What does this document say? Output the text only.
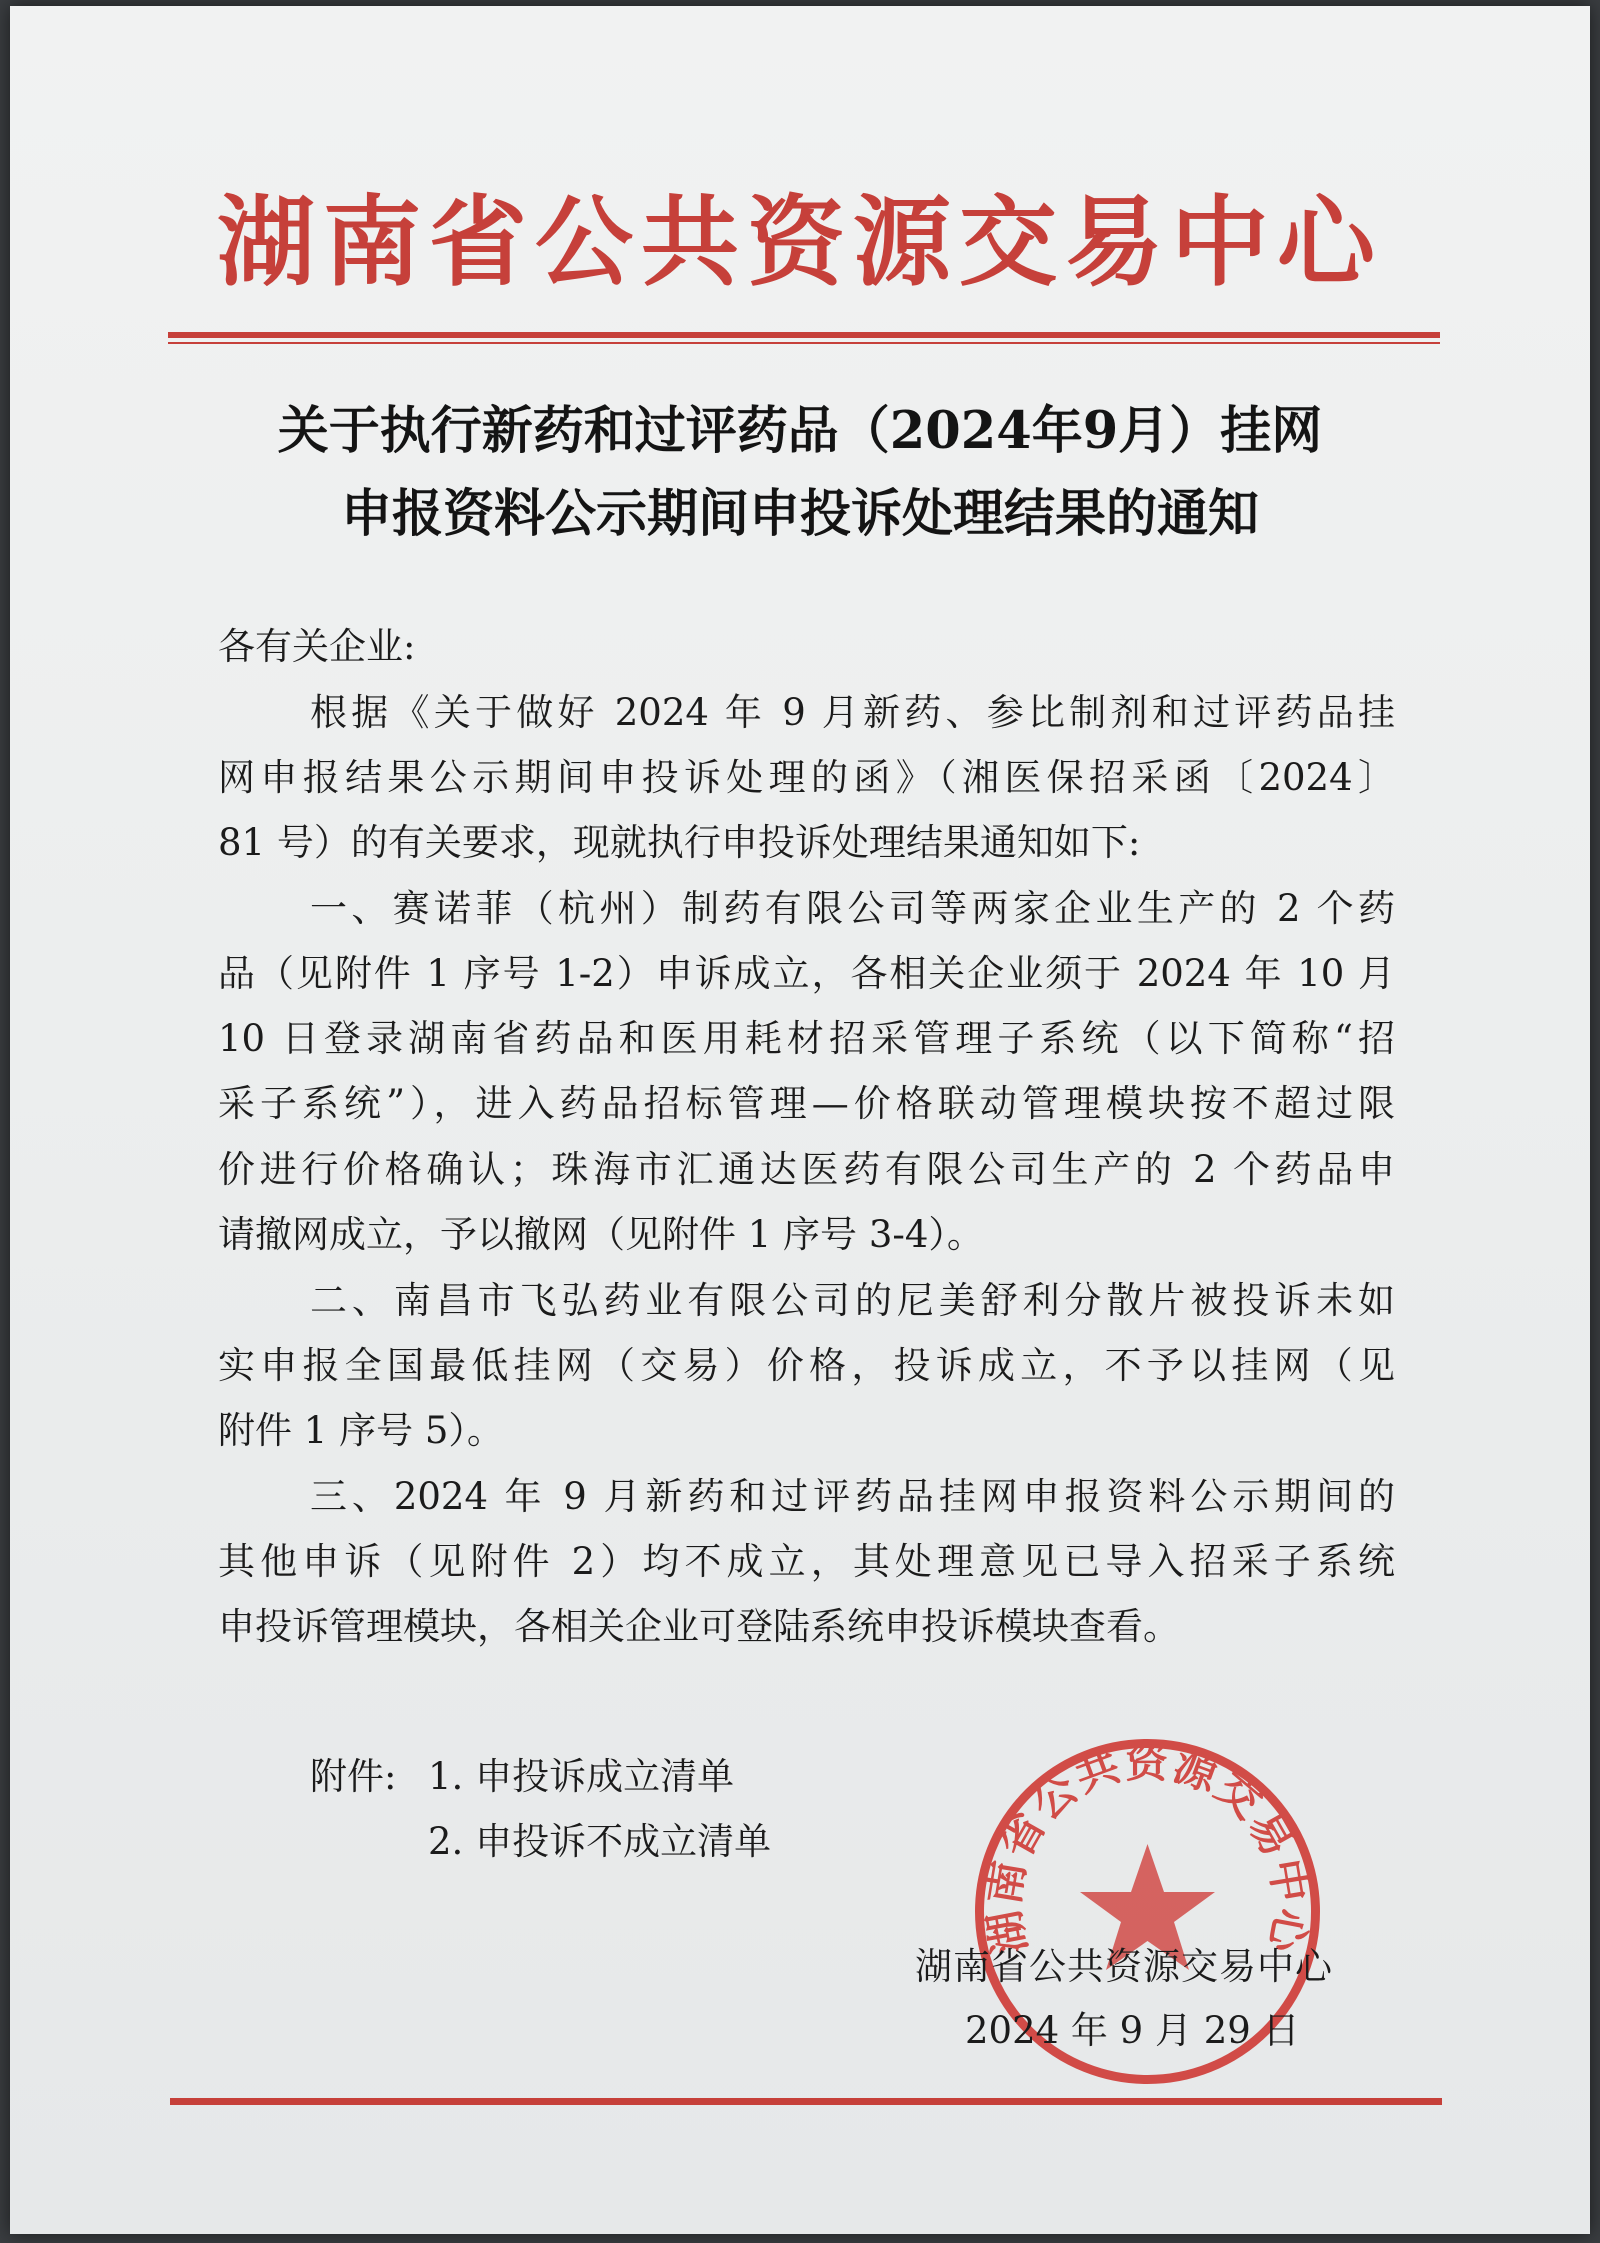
湖南省公共资源交易中心
关于执行新药和过评药品（2024年9月）挂网
申报资料公示期间申投诉处理结果的通知
各有关企业:
根据《关于做好 2024 年 9 月新药、参比制剂和过评药品挂
网申报结果公示期间申投诉处理的函》（湘医保招采函〔2024〕
81 号）的有关要求，现就执行申投诉处理结果通知如下:
一、赛诺菲（杭州）制药有限公司等两家企业生产的 2 个药
品（见附件 1 序号 1-2）申诉成立，各相关企业须于 2024 年 10 月
10 日登录湖南省药品和医用耗材招采管理子系统（以下简称“招
采子系统”），进入药品招标管理—价格联动管理模块按不超过限
价进行价格确认；珠海市汇通达医药有限公司生产的 2 个药品申
请撤网成立，予以撤网（见附件 1 序号 3-4）。
二、南昌市飞弘药业有限公司的尼美舒利分散片被投诉未如
实申报全国最低挂网（交易）价格，投诉成立，不予以挂网（见
附件 1 序号 5）。
三、2024 年 9 月新药和过评药品挂网申报资料公示期间的
其他申诉（见附件 2）均不成立，其处理意见已导入招采子系统
申投诉管理模块，各相关企业可登陆系统申投诉模块查看。
附件: 1. 申投诉成立清单
2. 申投诉不成立清单
湖南省公共资源交易中心
湖南省公共资源交易中心
2024 年 9 月 29 日
